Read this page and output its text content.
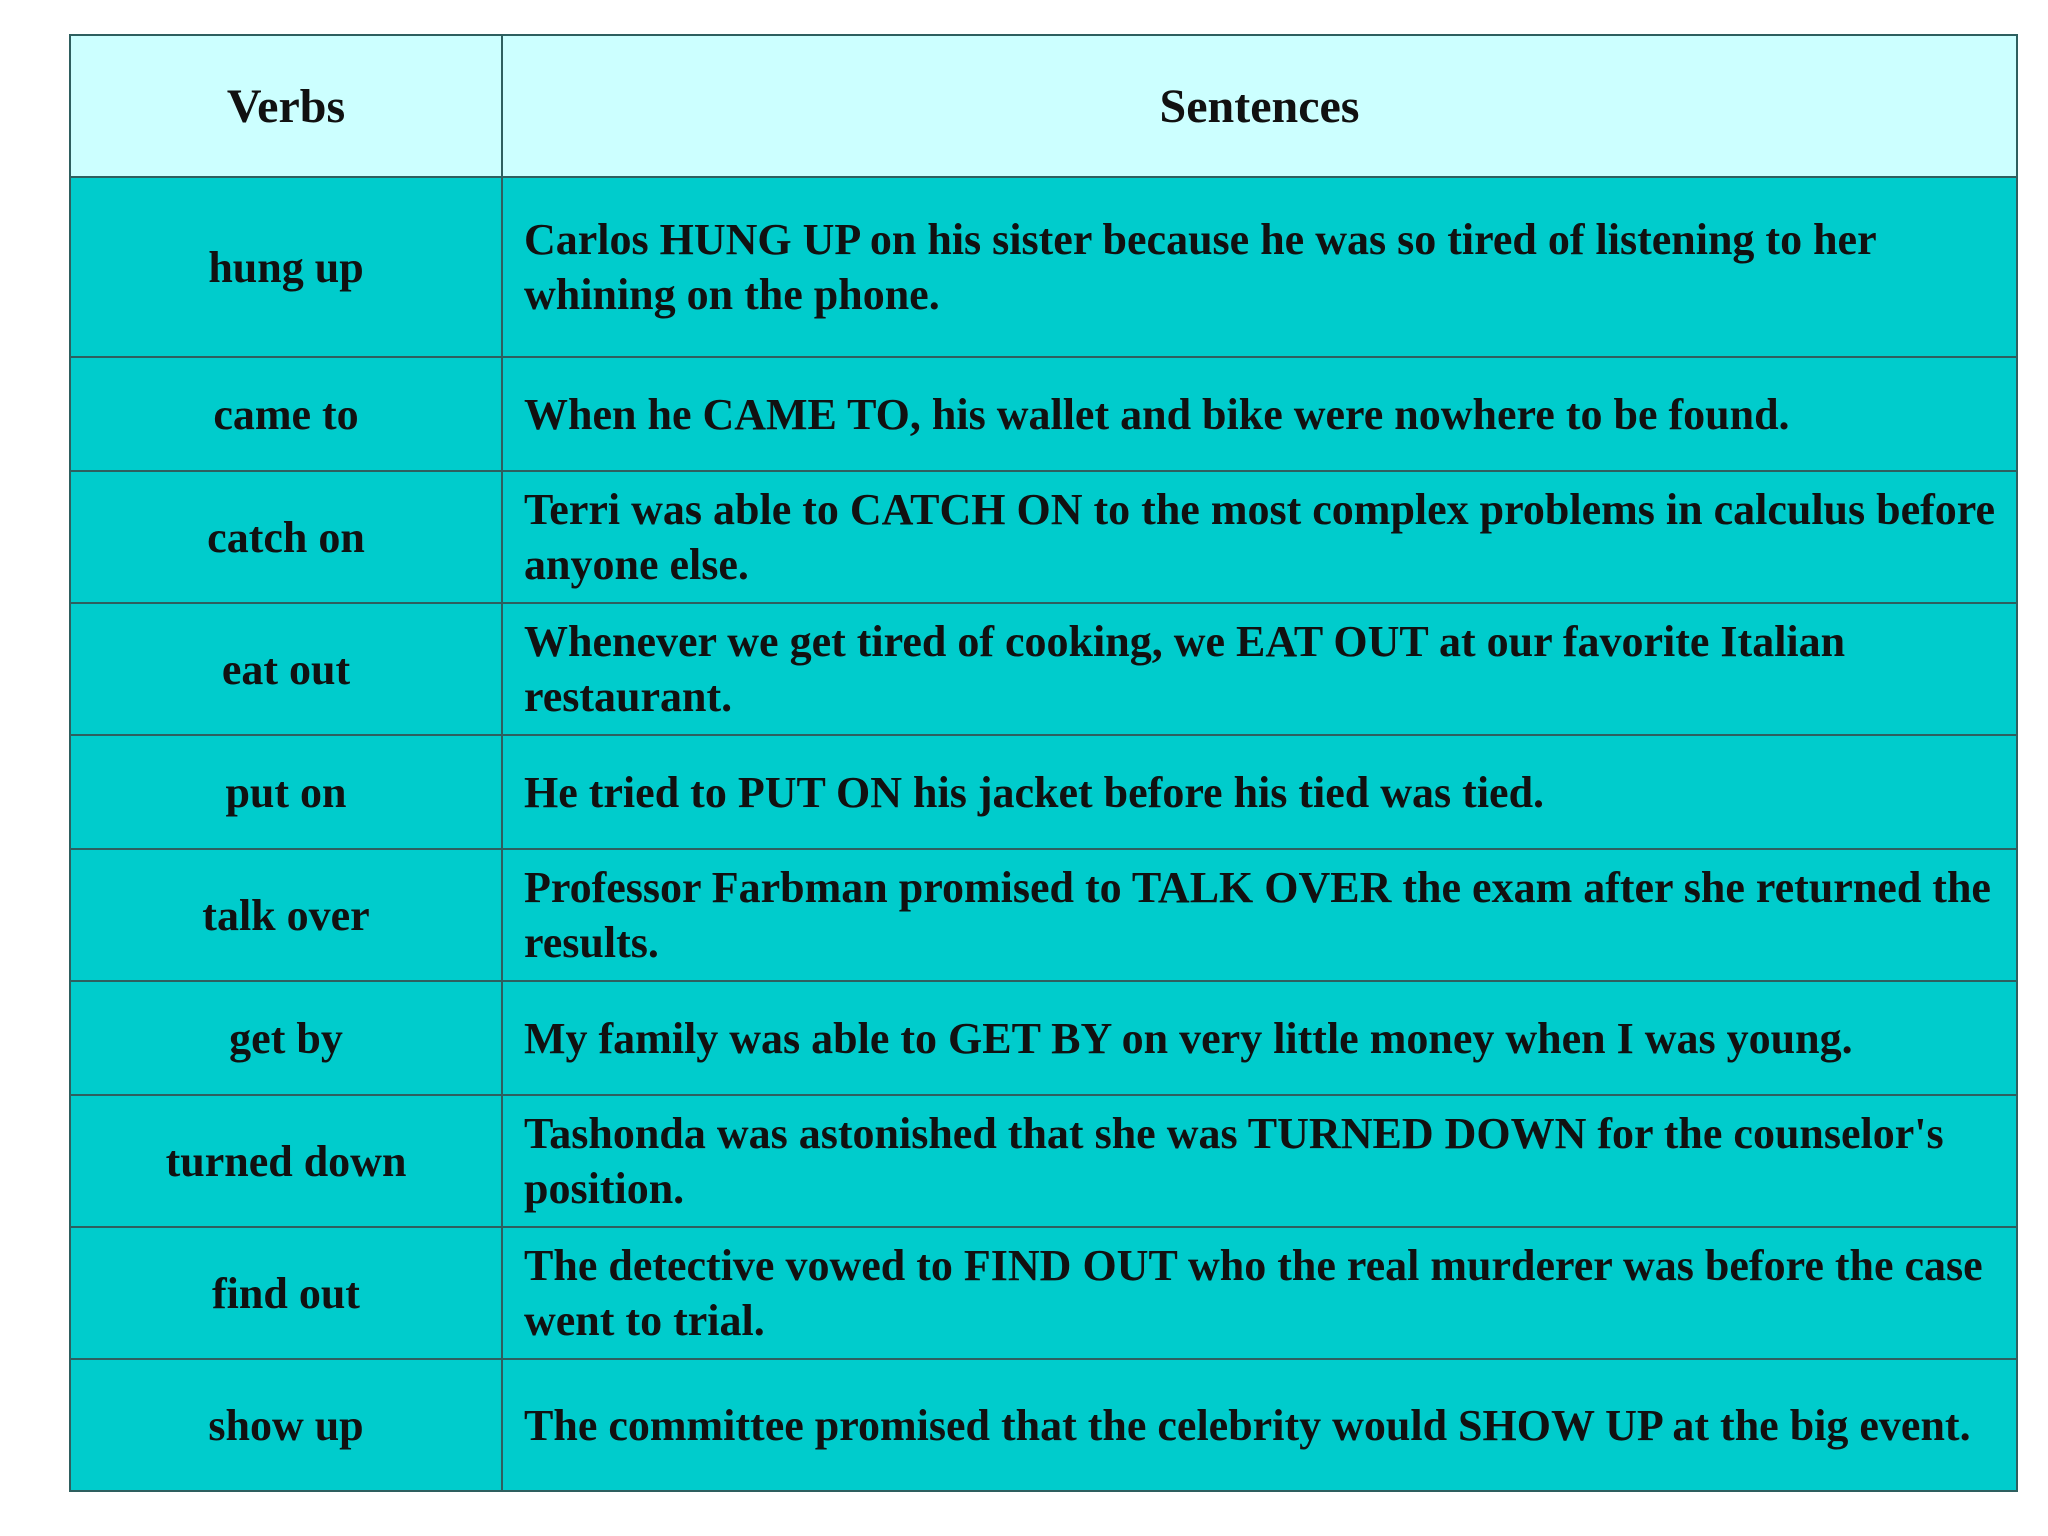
Verbs	Sentences
hung up	Carlos HUNG UP on his sister because he was so tired of listening to her whining on the phone.
came to	When he CAME TO, his wallet and bike were nowhere to be found.
catch on	Terri was able to CATCH ON to the most complex problems in calculus before anyone else.
eat out	Whenever we get tired of cooking, we EAT OUT at our favorite Italian restaurant.
put on	He tried to PUT ON his jacket before his tied was tied.
talk over	Professor Farbman promised to TALK OVER the exam after she returned the results.
get by	My family was able to GET BY on very little money when I was young.
turned down	Tashonda was astonished that she was TURNED DOWN for the counselor's position.
find out	The detective vowed to FIND OUT who the real murderer was before the case went to trial.
show up	The committee promised that the celebrity would SHOW UP at the big event.
